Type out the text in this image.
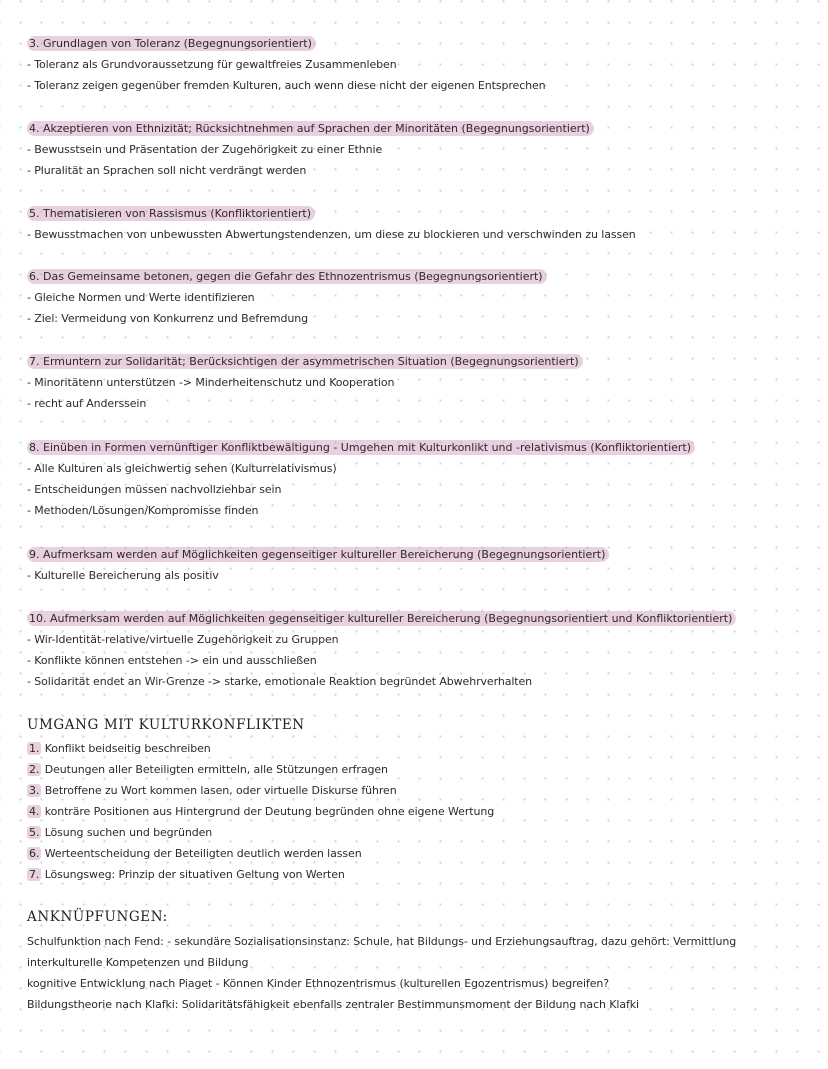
3. Grundlagen von Toleranz (Begegnungsorientiert)
- Toleranz als Grundvoraussetzung für gewaltfreies Zusammenleben
- Toleranz zeigen gegenüber fremden Kulturen, auch wenn diese nicht der eigenen Entsprechen
4. Akzeptieren von Ethnizität; Rücksichtnehmen auf Sprachen der Minoritäten (Begegnungsorientiert)
- Bewusstsein und Präsentation der Zugehörigkeit zu einer Ethnie
- Pluralität an Sprachen soll nicht verdrängt werden
5. Thematisieren von Rassismus (Konfliktorientiert)
- Bewusstmachen von unbewussten Abwertungstendenzen, um diese zu blockieren und verschwinden zu lassen
6. Das Gemeinsame betonen, gegen die Gefahr des Ethnozentrismus (Begegnungsorientiert)
- Gleiche Normen und Werte identifizieren
- Ziel: Vermeidung von Konkurrenz und Befremdung
7. Ermuntern zur Solidarität; Berücksichtigen der asymmetrischen Situation (Begegnungsorientiert)
- Minoritätenn unterstützen -> Minderheitenschutz und Kooperation
- recht auf Anderssein
8. Einüben in Formen vernünftiger Konfliktbewältigung - Umgehen mit Kulturkonlikt und -relativismus (Konfliktorientiert)
- Alle Kulturen als gleichwertig sehen (Kulturrelativismus)
- Entscheidungen müssen nachvollziehbar sein
- Methoden/Lösungen/Kompromisse finden
9. Aufmerksam werden auf Möglichkeiten gegenseitiger kultureller Bereicherung (Begegnungsorientiert)
- Kulturelle Bereicherung als positiv
10. Aufmerksam werden auf Möglichkeiten gegenseitiger kultureller Bereicherung (Begegnungsorientiert und Konfliktorientiert)
- Wir-Identität-relative/virtuelle Zugehörigkeit zu Gruppen
- Konflikte können entstehen -> ein und ausschließen
- Solidarität endet an Wir-Grenze -> starke, emotionale Reaktion begründet Abwehrverhalten
UMGANG MIT KULTURKONFLIKTEN
1. Konflikt beidseitig beschreiben
2. Deutungen aller Beteiligten ermitteln, alle Stützungen erfragen
3. Betroffene zu Wort kommen lasen, oder virtuelle Diskurse führen
4. konträre Positionen aus Hintergrund der Deutung begründen ohne eigene Wertung
5. Lösung suchen und begründen
6. Werteentscheidung der Beteiligten deutlich werden lassen
7. Lösungsweg: Prinzip der situativen Geltung von Werten
ANKNÜPFUNGEN:
Schulfunktion nach Fend: - sekundäre Sozialisationsinstanz: Schule, hat Bildungs- und Erziehungsauftrag, dazu gehört: Vermittlung interkulturelle Kompetenzen und Bildung
kognitive Entwicklung nach Piaget - Können Kinder Ethnozentrismus (kulturellen Egozentrismus) begreifen?
Bildungstheorie nach Klafki: Solidaritätsfähigkeit ebenfalls zentraler Bestimmunsmoment der Bildung nach Klafki
